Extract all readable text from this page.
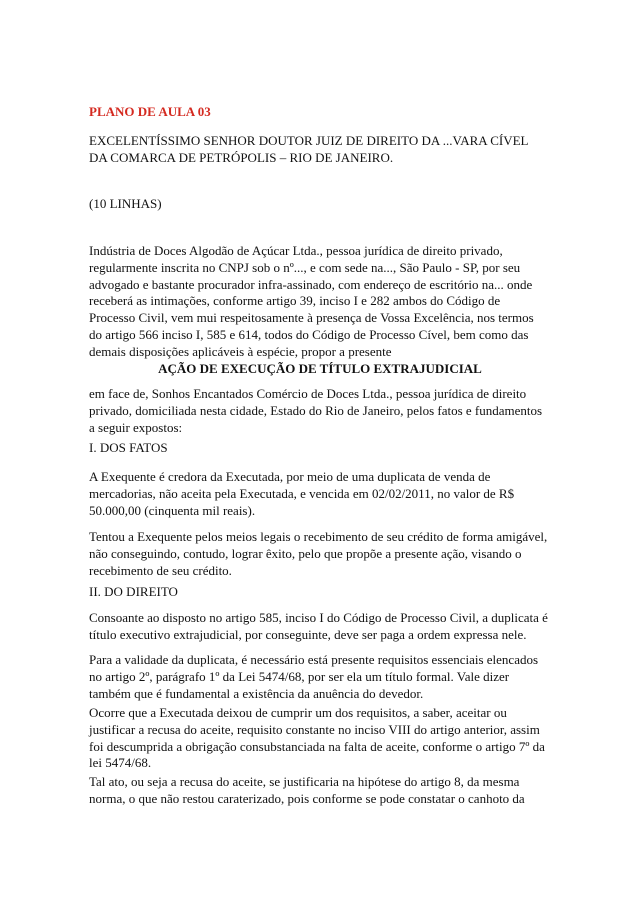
PLANO DE AULA 03
EXCELENTÍSSIMO SENHOR DOUTOR JUIZ DE DIREITO DA ...VARA CÍVEL
DA COMARCA DE PETRÓPOLIS – RIO DE JANEIRO.
(10 LINHAS)
Indústria de Doces Algodão de Açúcar Ltda., pessoa jurídica de direito privado,
regularmente inscrita no CNPJ sob o nº..., e com sede na..., São Paulo - SP, por seu
advogado e bastante procurador infra-assinado, com endereço de escritório na... onde
receberá as intimações, conforme artigo 39, inciso I e 282 ambos do Código de
Processo Civil, vem mui respeitosamente à presença de Vossa Excelência, nos termos
do artigo 566 inciso I, 585 e 614, todos do Código de Processo Cível, bem como das
demais disposições aplicáveis à espécie, propor a presente
AÇÃO DE EXECUÇÃO DE TÍTULO EXTRAJUDICIAL
em face de, Sonhos Encantados Comércio de Doces Ltda., pessoa jurídica de direito
privado, domiciliada nesta cidade, Estado do Rio de Janeiro, pelos fatos e fundamentos
a seguir expostos:
I. DOS FATOS
A Exequente é credora da Executada, por meio de uma duplicata de venda de
mercadorias, não aceita pela Executada, e vencida em 02/02/2011, no valor de R$
50.000,00 (cinquenta mil reais).
Tentou a Exequente pelos meios legais o recebimento de seu crédito de forma amigável,
não conseguindo, contudo, lograr êxito, pelo que propõe a presente ação, visando o
recebimento de seu crédito.
II. DO DIREITO
Consoante ao disposto no artigo 585, inciso I do Código de Processo Civil, a duplicata é
título executivo extrajudicial, por conseguinte, deve ser paga a ordem expressa nele.
Para a validade da duplicata, é necessário está presente requisitos essenciais elencados
no artigo 2º, parágrafo 1º da Lei 5474/68, por ser ela um título formal. Vale dizer
também que é fundamental a existência da anuência do devedor.
Ocorre que a Executada deixou de cumprir um dos requisitos, a saber, aceitar ou
justificar a recusa do aceite, requisito constante no inciso VIII do artigo anterior, assim
foi descumprida a obrigação consubstanciada na falta de aceite, conforme o artigo 7º da
lei 5474/68.
Tal ato, ou seja a recusa do aceite, se justificaria na hipótese do artigo 8, da mesma
norma, o que não restou caraterizado, pois conforme se pode constatar o canhoto da
